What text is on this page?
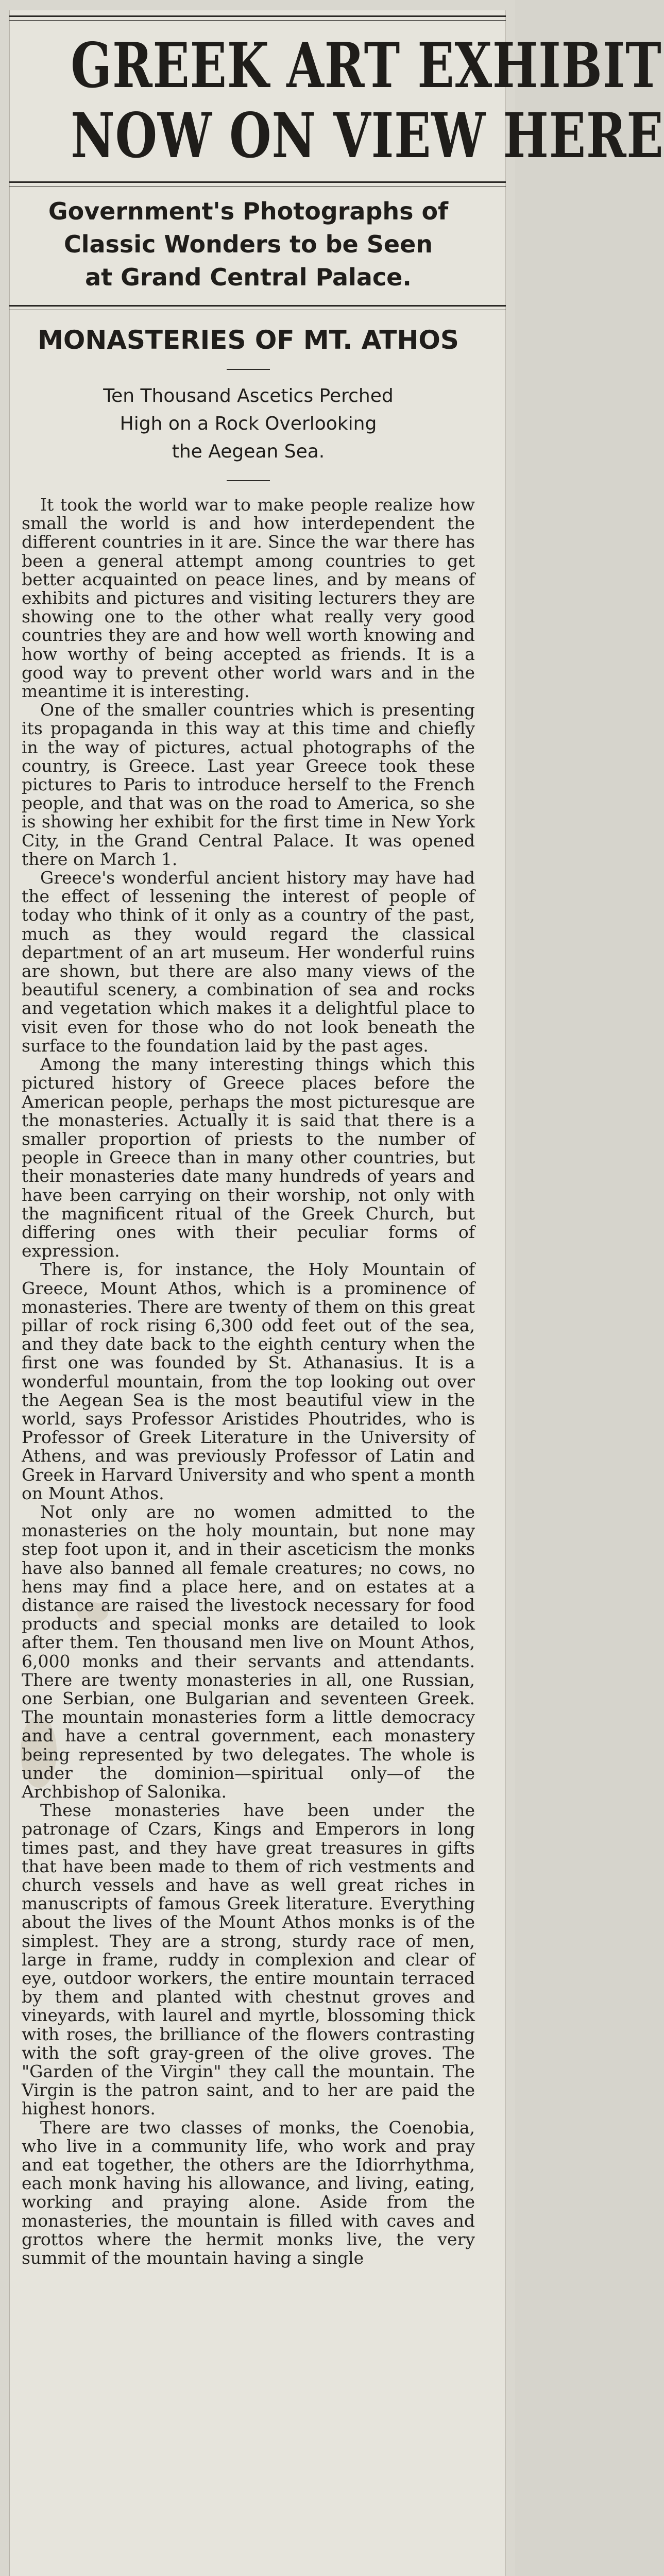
GREEK ART EXHIBIT
NOW ON VIEW HERE
Government's Photographs of
Classic Wonders to be Seen
at Grand Central Palace.
MONASTERIES OF MT. ATHOS
Ten Thousand Ascetics Perched
High on a Rock Overlooking
the Aegean Sea.

It took the world war to make people realize how small the world is and how interdependent the different countries in it are. Since the war there has been a general attempt among countries to get better acquainted on peace lines, and by means of exhibits and pictures and visiting lecturers they are showing one to the other what really very good countries they are and how well worth knowing and how worthy of being accepted as friends. It is a good way to prevent other world wars and in the meantime it is interesting.

One of the smaller countries which is presenting its propaganda in this way at this time and chiefly in the way of pictures, actual photographs of the country, is Greece. Last year Greece took these pictures to Paris to introduce herself to the French people, and that was on the road to America, so she is showing her exhibit for the first time in New York City, in the Grand Central Palace. It was opened there on March 1.

Greece's wonderful ancient history may have had the effect of lessening the interest of people of today who think of it only as a country of the past, much as they would regard the classical department of an art museum. Her wonderful ruins are shown, but there are also many views of the beautiful scenery, a combination of sea and rocks and vegetation which makes it a delightful place to visit even for those who do not look beneath the surface to the foundation laid by the past ages.

Among the many interesting things which this pictured history of Greece places before the American people, perhaps the most picturesque are the monasteries. Actually it is said that there is a smaller proportion of priests to the number of people in Greece than in many other countries, but their monasteries date many hundreds of years and have been carrying on their worship, not only with the magnificent ritual of the Greek Church, but differing ones with their peculiar forms of expression.

There is, for instance, the Holy Mountain of Greece, Mount Athos, which is a prominence of monasteries. There are twenty of them on this great pillar of rock rising 6,300 odd feet out of the sea, and they date back to the eighth century when the first one was founded by St. Athanasius. It is a wonderful mountain, from the top looking out over the Aegean Sea is the most beautiful view in the world, says Professor Aristides Phoutrides, who is Professor of Greek Literature in the University of Athens, and was previously Professor of Latin and Greek in Harvard University and who spent a month on Mount Athos.

Not only are no women admitted to the monasteries on the holy mountain, but none may step foot upon it, and in their asceticism the monks have also banned all female creatures; no cows, no hens may find a place here, and on estates at a distance are raised the livestock necessary for food products and special monks are detailed to look after them. Ten thousand men live on Mount Athos, 6,000 monks and their servants and attendants. There are twenty monasteries in all, one Russian, one Serbian, one Bulgarian and seventeen Greek. The mountain monasteries form a little democracy and have a central government, each monastery being represented by two delegates. The whole is under the dominion—spiritual only—of the Archbishop of Salonika.

These monasteries have been under the patronage of Czars, Kings and Emperors in long times past, and they have great treasures in gifts that have been made to them of rich vestments and church vessels and have as well great riches in manuscripts of famous Greek literature. Everything about the lives of the Mount Athos monks is of the simplest. They are a strong, sturdy race of men, large in frame, ruddy in complexion and clear of eye, outdoor workers, the entire mountain terraced by them and planted with chestnut groves and vineyards, with laurel and myrtle, blossoming thick with roses, the brilliance of the flowers contrasting with the soft gray-green of the olive groves. The "Garden of the Virgin" they call the mountain. The Virgin is the patron saint, and to her are paid the highest honors.

There are two classes of monks, the Coenobia, who live in a community life, who work and pray and eat together, the others are the Idiorrhythma, each monk having his allowance, and living, eating, working and praying alone. Aside from the monasteries, the mountain is filled with caves and grottos where the hermit monks live, the very summit of the mountain having a single
